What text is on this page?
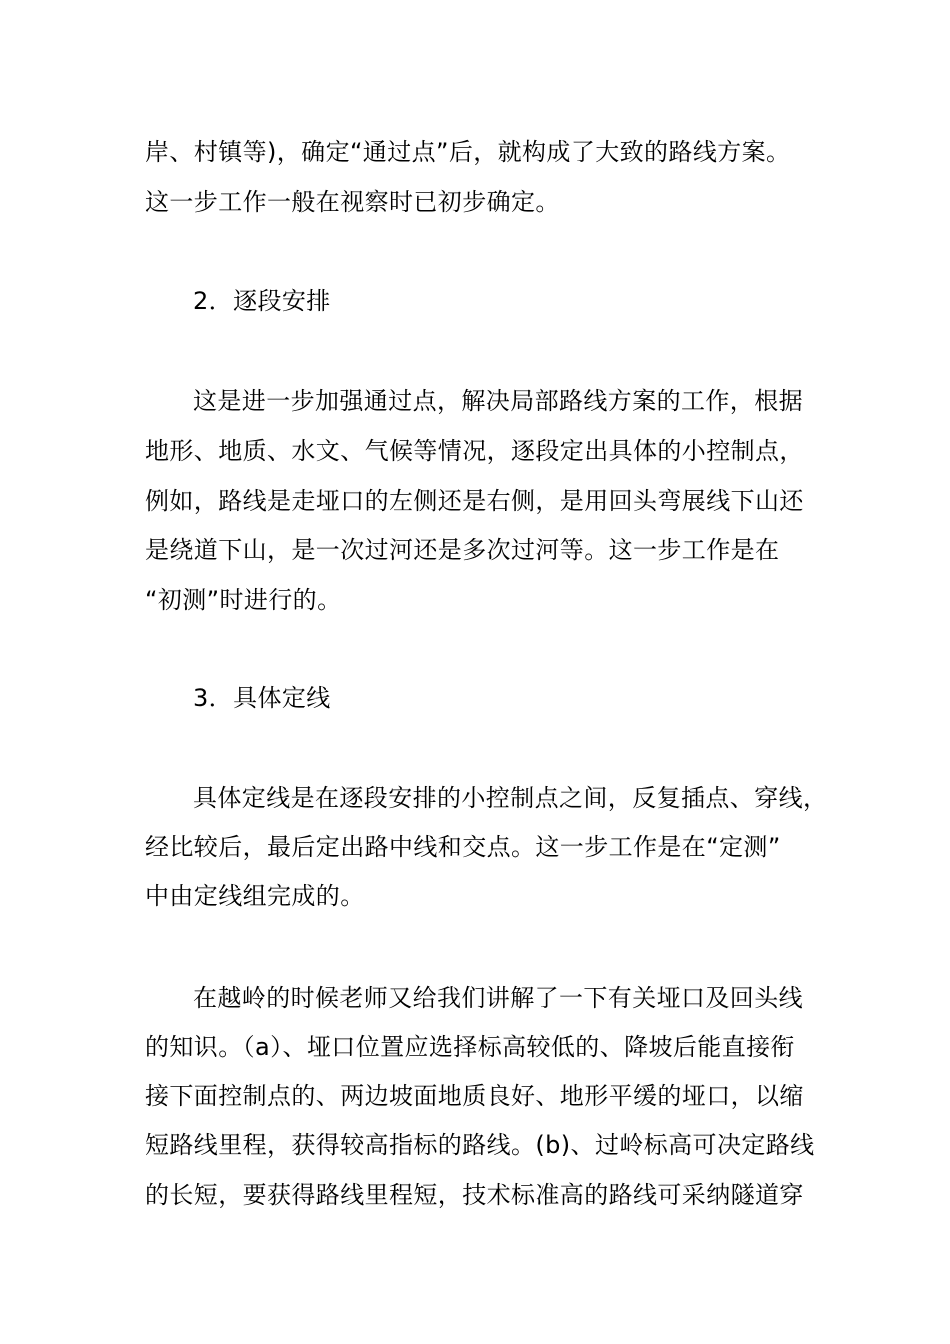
岸、村镇等)，确定“通过点”后，就构成了大致的路线方案。
这一步工作一般在视察时已初步确定。
2．逐段安排
这是进一步加强通过点，解决局部路线方案的工作，根据
地形、地质、水文、气候等情况，逐段定出具体的小控制点，
例如，路线是走垭口的左侧还是右侧，是用回头弯展线下山还
是绕道下山，是一次过河还是多次过河等。这一步工作是在
“初测”时进行的。
3．具体定线
具体定线是在逐段安排的小控制点之间，反复插点、穿线，
经比较后，最后定出路中线和交点。这一步工作是在“定测”
中由定线组完成的。
在越岭的时候老师又给我们讲解了一下有关垭口及回头线
的知识。（a）、垭口位置应选择标高较低的、降坡后能直接衔
接下面控制点的、两边坡面地质良好、地形平缓的垭口，以缩
短路线里程，获得较高指标的路线。(b)、过岭标高可决定路线
的长短，要获得路线里程短，技术标准高的路线可采纳隧道穿
